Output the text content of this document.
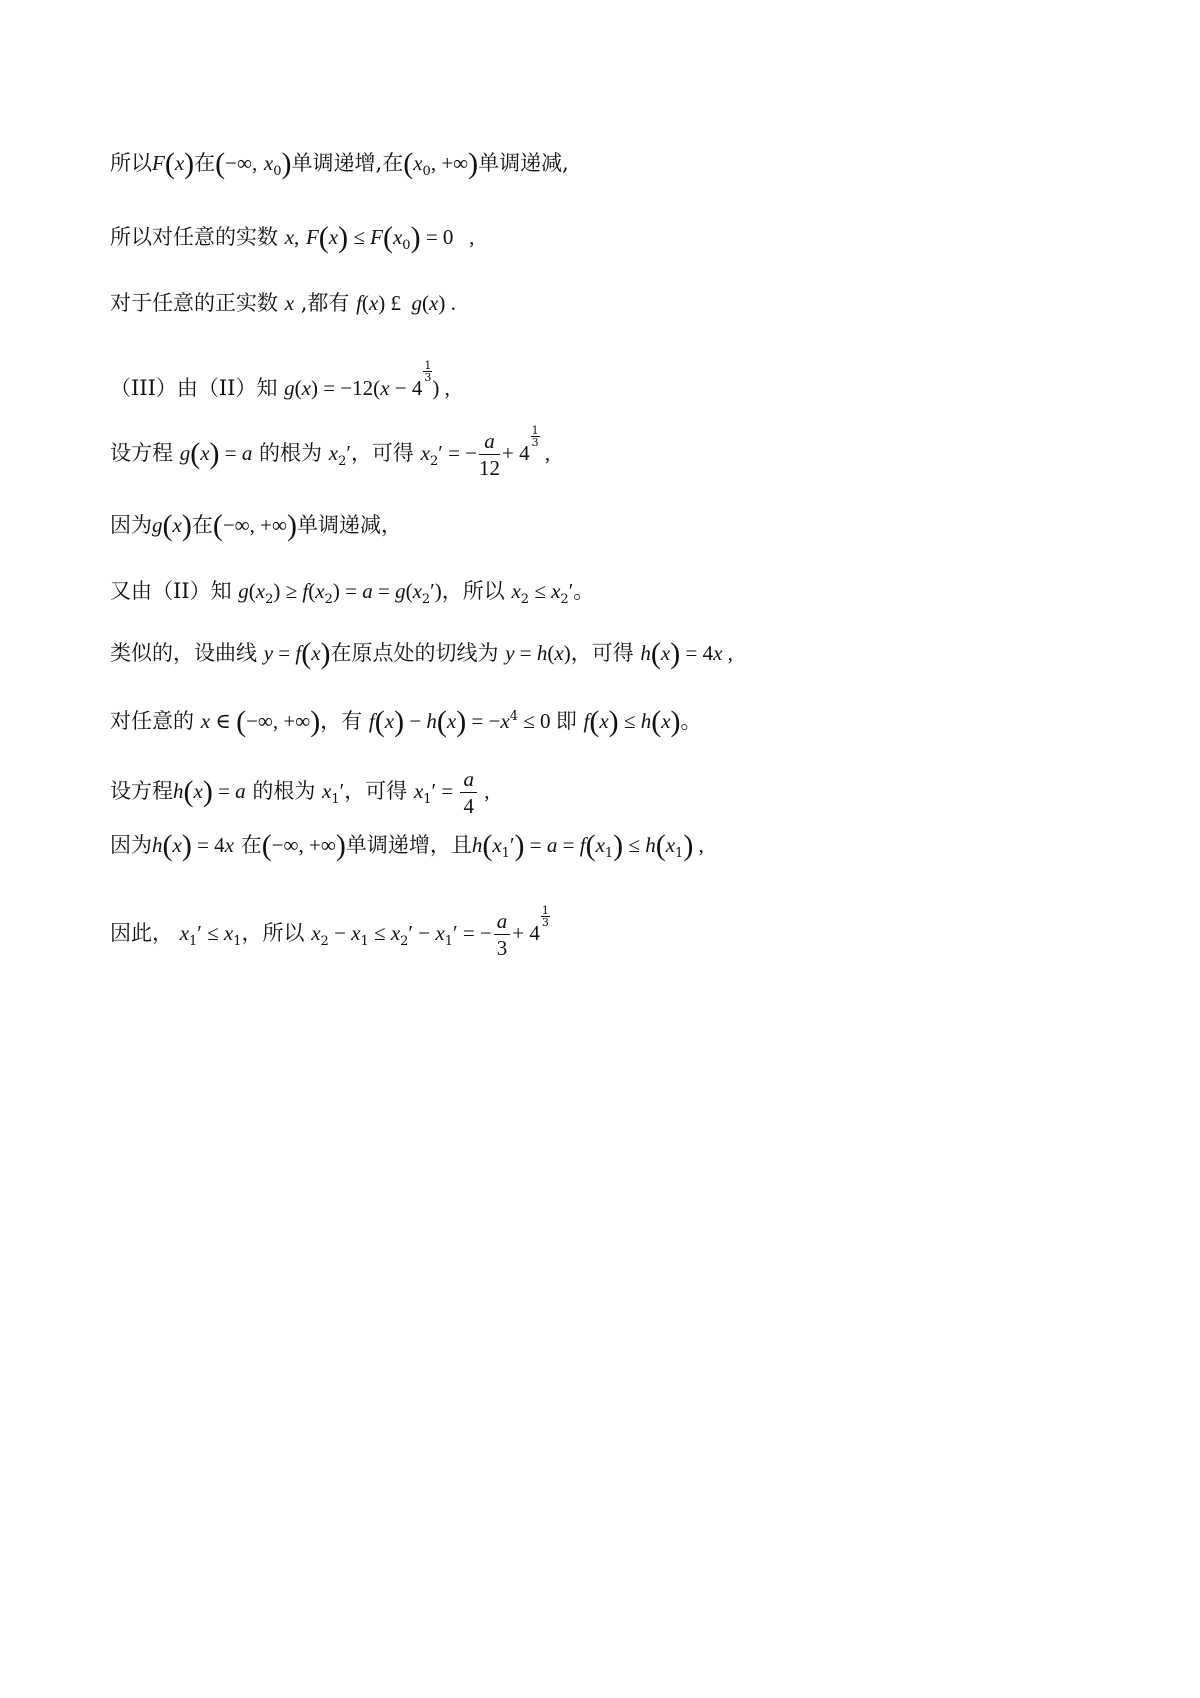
所以F(x)在(−∞, $x_0$)单调递增,在($x_0$, +∞)单调递减,
所以对任意的实数 x, $F(x) \le F(x_0) = 0$   ,
对于任意的正实数 x ,都有 f(x) £  g(x) .
（III）由（II）知 g(x) = −12(x − 4
$\frac{1}{3}$
) ,
设方程 g(x) = a 的根为 $x_2'$，可得 $x_2'$ = − $\frac{a}{12} + 4$
$\frac{1}{3}$
,
因为g(x)在(−∞, +∞)单调递减，
又由（II）知 $g(x_2) \ge f(x_2) = a = g(x_2')$，所以 $x_2 \le x_2'$。
类似的，设曲线 y = f(x)在原点处的切线为 y = h(x)，可得 h(x) = 4x ,
对任意的 x ∈ (−∞, +∞)，有 $f(x) - h(x) = -x^4 \le 0$ 即 f(x) ≤ h(x)。
设方程h(x) = a 的根为 $x_1'$，可得 $x_1' = \frac{a}{4}$ ,
因为h(x) = 4x 在(−∞, +∞)单调递增，且$h(x_1') = a = f(x_1) \le h(x_1)$ ,
因此， $x_1' \le x_1$，所以 $x_2 - x_1 \le x_2' - x_1'$ = − $\frac{a}{3} + 4$
$\frac{1}{3}$
